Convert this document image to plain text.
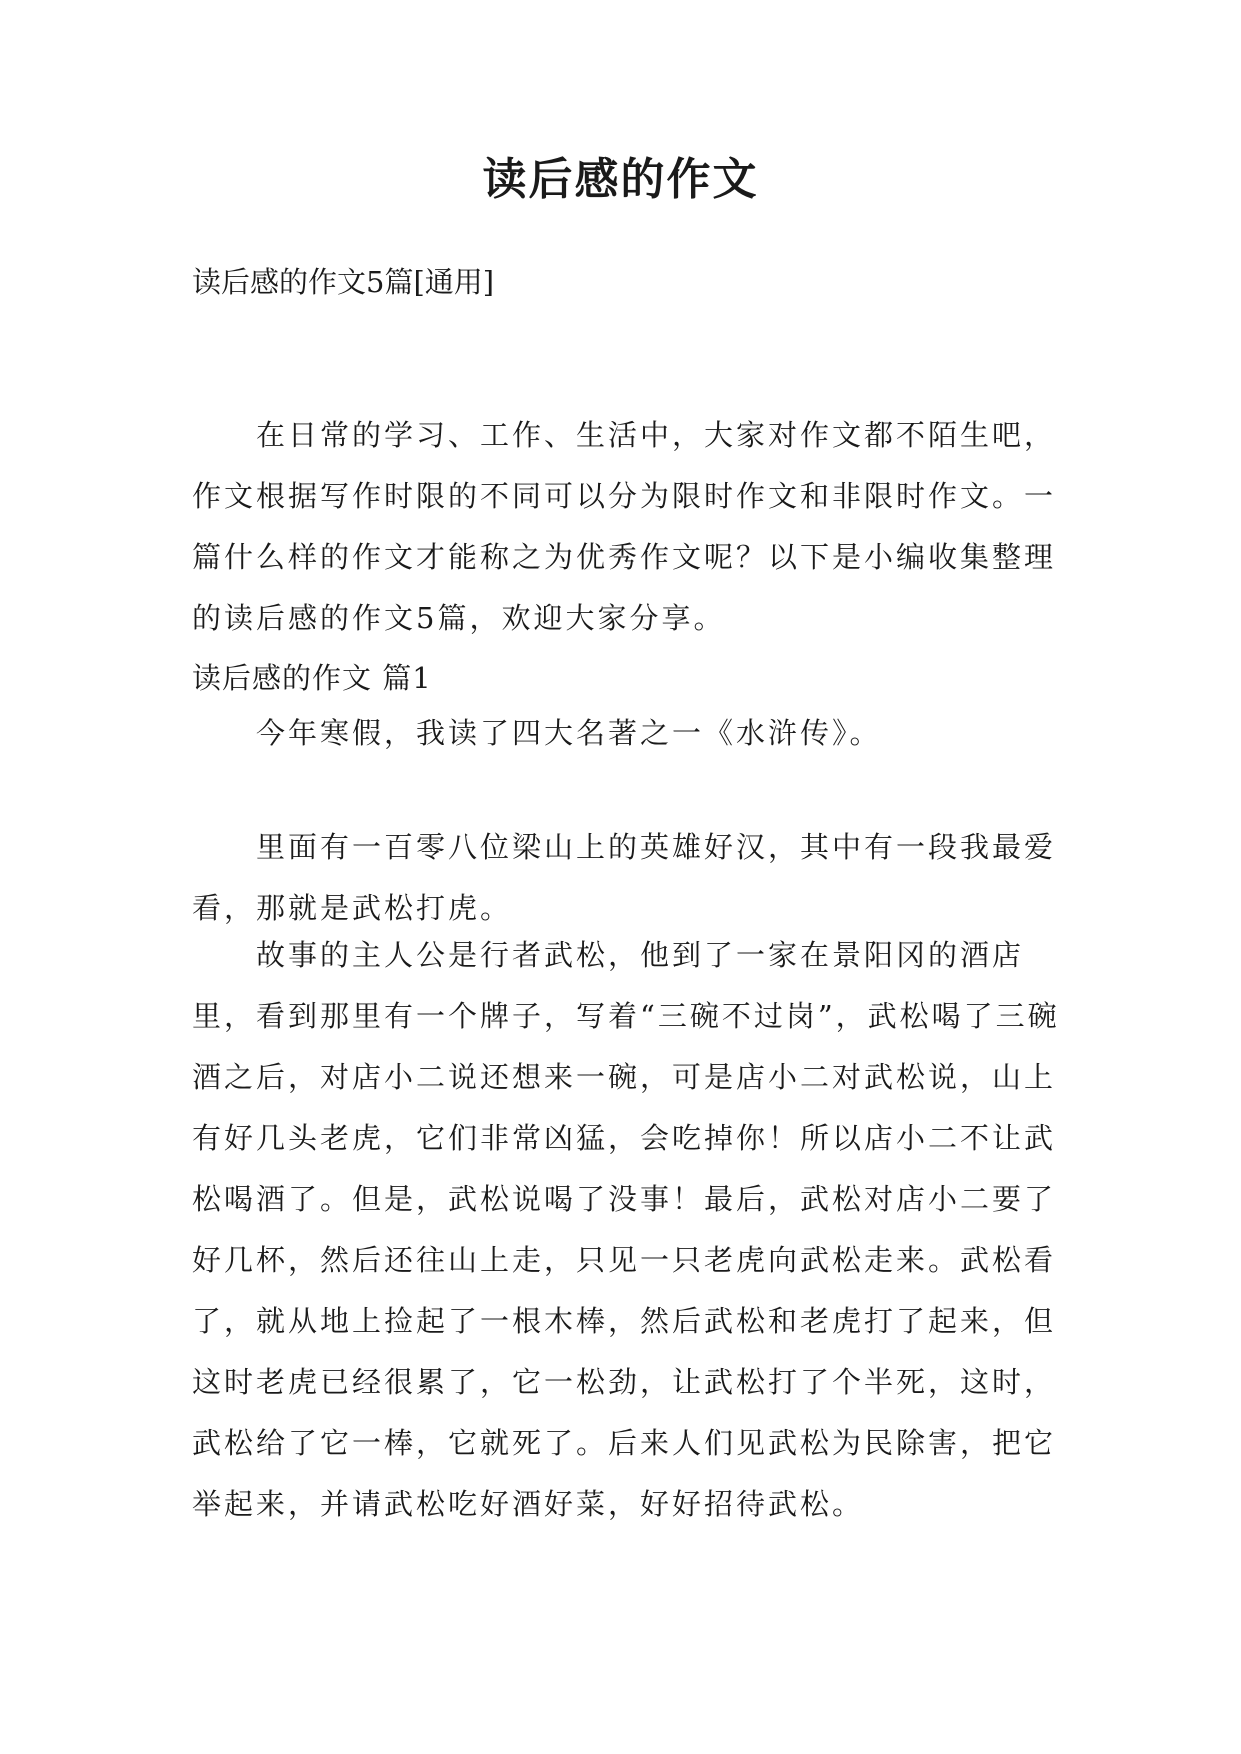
读后感的作文

读后感的作文5篇[通用]

在日常的学习、工作、生活中，大家对作文都不陌生吧，作文根据写作时限的不同可以分为限时作文和非限时作文。一篇什么样的作文才能称之为优秀作文呢？以下是小编收集整理的读后感的作文5篇，欢迎大家分享。

读后感的作文 篇1

今年寒假，我读了四大名著之一《水浒传》。

里面有一百零八位梁山上的英雄好汉，其中有一段我最爱看，那就是武松打虎。

故事的主人公是行者武松，他到了一家在景阳冈的酒店里，看到那里有一个牌子，写着“三碗不过岗”，武松喝了三碗酒之后，对店小二说还想来一碗，可是店小二对武松说，山上有好几头老虎，它们非常凶猛，会吃掉你！所以店小二不让武松喝酒了。但是，武松说喝了没事！最后，武松对店小二要了好几杯，然后还往山上走，只见一只老虎向武松走来。武松看了，就从地上捡起了一根木棒，然后武松和老虎打了起来，但这时老虎已经很累了，它一松劲，让武松打了个半死，这时，武松给了它一棒，它就死了。后来人们见武松为民除害，把它举起来，并请武松吃好酒好菜，好好招待武松。
